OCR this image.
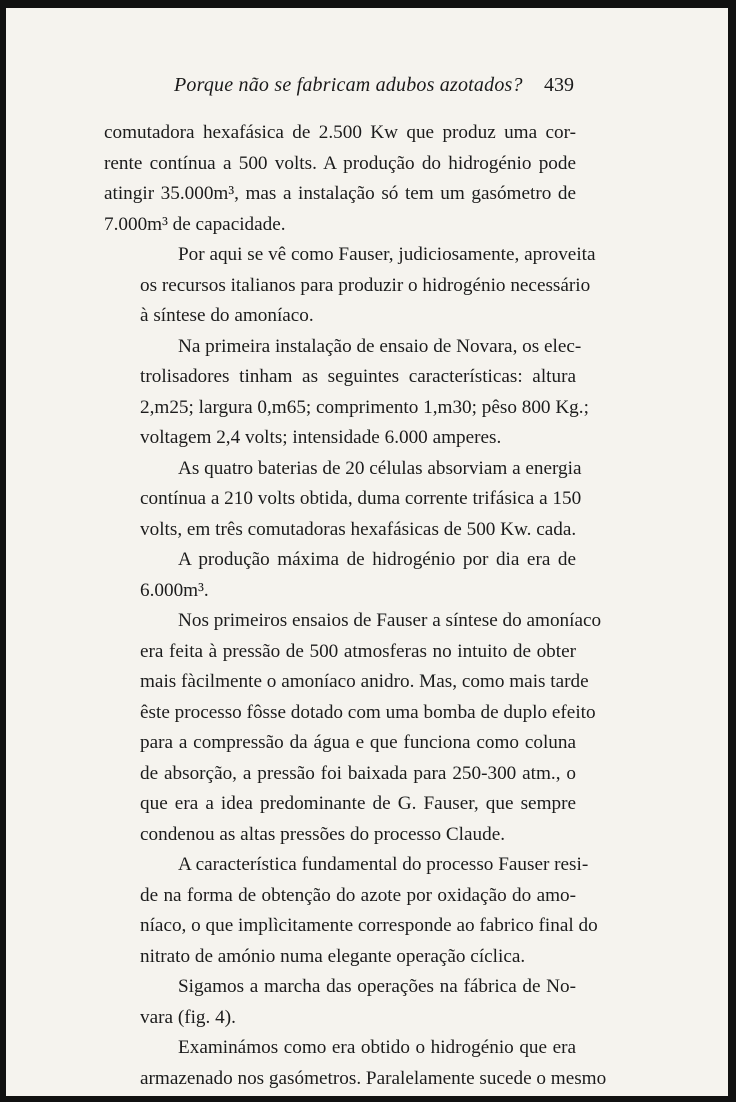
Porque não se fabricam adubos azotados? 439
comutadora hexafásica de 2.500 Kw que produz uma cor-
rente contínua a 500 volts. A produção do hidrogénio pode
atingir 35.000m³, mas a instalação só tem um gasómetro de
7.000m³ de capacidade.
Por aqui se vê como Fauser, judiciosamente, aproveita
os recursos italianos para produzir o hidrogénio necessário
à síntese do amoníaco.
Na primeira instalação de ensaio de Novara, os elec-
trolisadores tinham as seguintes características: altura
2,m25; largura 0,m65; comprimento 1,m30; pêso 800 Kg.;
voltagem 2,4 volts; intensidade 6.000 amperes.
As quatro baterias de 20 células absorviam a energia
contínua a 210 volts obtida, duma corrente trifásica a 150
volts, em três comutadoras hexafásicas de 500 Kw. cada.
A produção máxima de hidrogénio por dia era de
6.000m³.
Nos primeiros ensaios de Fauser a síntese do amoníaco
era feita à pressão de 500 atmosferas no intuito de obter
mais fàcilmente o amoníaco anidro. Mas, como mais tarde
êste processo fôsse dotado com uma bomba de duplo efeito
para a compressão da água e que funciona como coluna
de absorção, a pressão foi baixada para 250-300 atm., o
que era a idea predominante de G. Fauser, que sempre
condenou as altas pressões do processo Claude.
A característica fundamental do processo Fauser resi-
de na forma de obtenção do azote por oxidação do amo-
níaco, o que implìcitamente corresponde ao fabrico final do
nitrato de amónio numa elegante operação cíclica.
Sigamos a marcha das operações na fábrica de No-
vara (fig. 4).
Examinámos como era obtido o hidrogénio que era
armazenado nos gasómetros. Paralelamente sucede o mesmo
